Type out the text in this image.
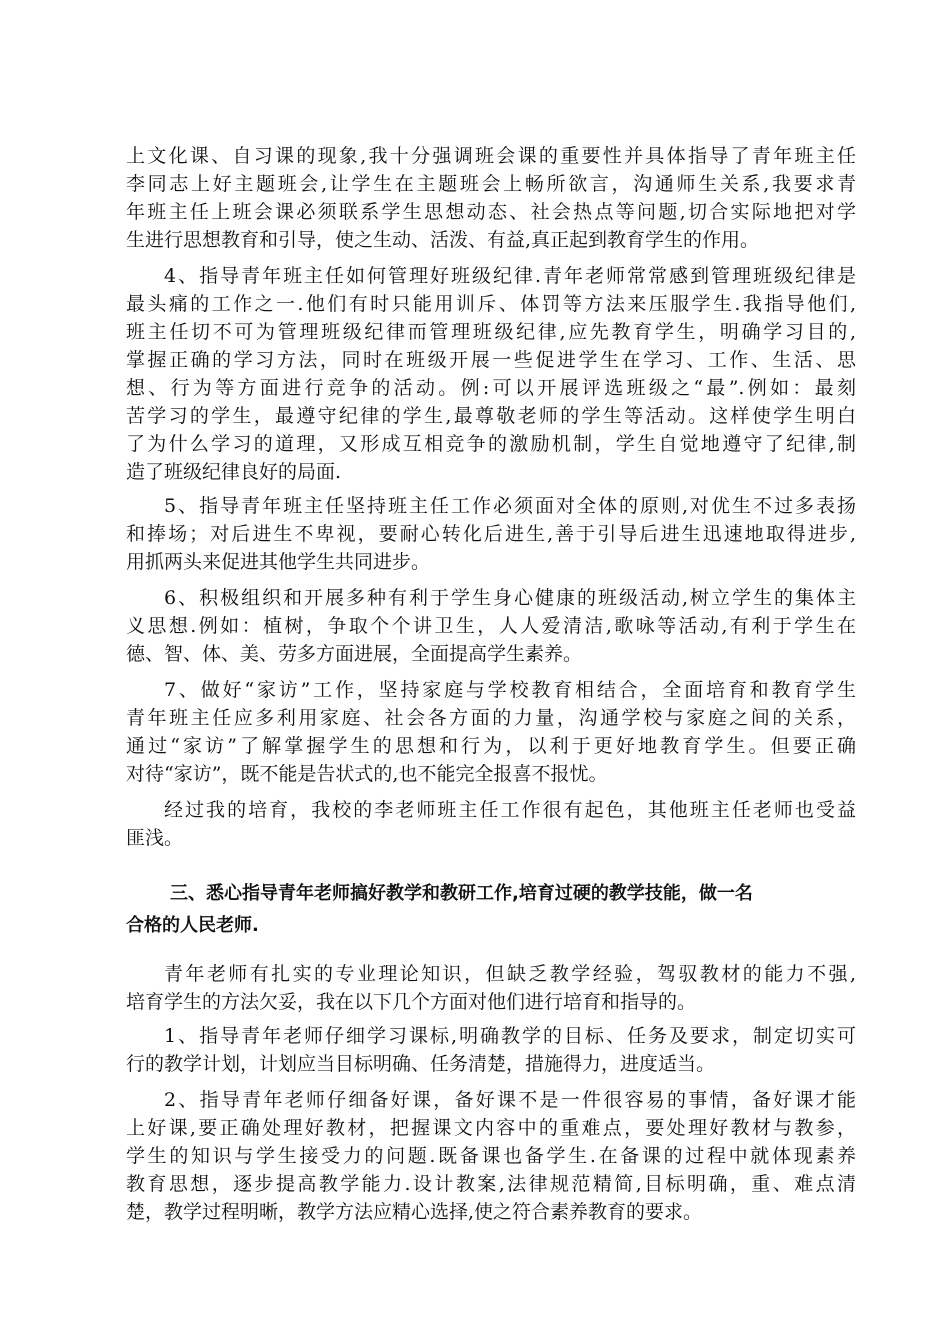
上文化课、自习课的现象,我十分强调班会课的重要性并具体指导了青年班主任
李同志上好主题班会,让学生在主题班会上畅所欲言，沟通师生关系,我要求青
年班主任上班会课必须联系学生思想动态、社会热点等问题,切合实际地把对学
生进行思想教育和引导，使之生动、活泼、有益,真正起到教育学生的作用。
4、指导青年班主任如何管理好班级纪律.青年老师常常感到管理班级纪律是
最头痛的工作之一.他们有时只能用训斥、体罚等方法来压服学生.我指导他们,
班主任切不可为管理班级纪律而管理班级纪律,应先教育学生，明确学习目的,
掌握正确的学习方法，同时在班级开展一些促进学生在学习、工作、生活、思
想、行为等方面进行竞争的活动。例:可以开展评选班级之“最”.例如：最刻
苦学习的学生，最遵守纪律的学生,最尊敬老师的学生等活动。这样使学生明白
了为什么学习的道理，又形成互相竞争的激励机制，学生自觉地遵守了纪律,制
造了班级纪律良好的局面.
5、指导青年班主任坚持班主任工作必须面对全体的原则,对优生不过多表扬
和捧场；对后进生不卑视，要耐心转化后进生,善于引导后进生迅速地取得进步,
用抓两头来促进其他学生共同进步。
6、积极组织和开展多种有利于学生身心健康的班级活动,树立学生的集体主
义思想.例如：植树，争取个个讲卫生，人人爱清洁,歌咏等活动,有利于学生在
德、智、体、美、劳多方面进展，全面提高学生素养。
7、做好“家访”工作，坚持家庭与学校教育相结合，全面培育和教育学生
青年班主任应多利用家庭、社会各方面的力量，沟通学校与家庭之间的关系，
通过“家访”了解掌握学生的思想和行为，以利于更好地教育学生。但要正确
对待“家访”，既不能是告状式的,也不能完全报喜不报忧。
经过我的培育，我校的李老师班主任工作很有起色，其他班主任老师也受益
匪浅。
三、悉心指导青年老师搞好教学和教研工作,培育过硬的教学技能，做一名
合格的人民老师.
青年老师有扎实的专业理论知识，但缺乏教学经验，驾驭教材的能力不强,
培育学生的方法欠妥，我在以下几个方面对他们进行培育和指导的。
1、指导青年老师仔细学习课标,明确教学的目标、任务及要求，制定切实可
行的教学计划，计划应当目标明确、任务清楚，措施得力，进度适当。
2、指导青年老师仔细备好课，备好课不是一件很容易的事情，备好课才能
上好课,要正确处理好教材，把握课文内容中的重难点，要处理好教材与教参，
学生的知识与学生接受力的问题.既备课也备学生.在备课的过程中就体现素养
教育思想，逐步提高教学能力.设计教案,法律规范精简,目标明确，重、难点清
楚，教学过程明晰，教学方法应精心选择,使之符合素养教育的要求。
